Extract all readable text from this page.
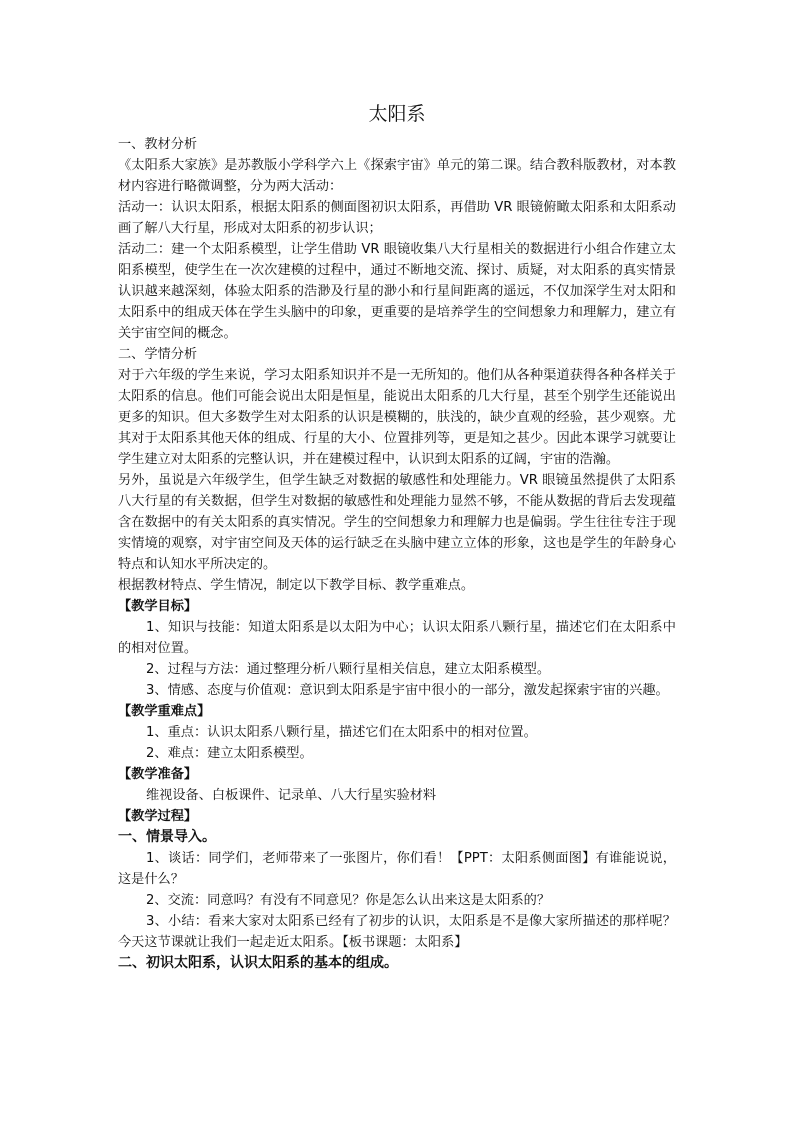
太阳系

一、教材分析

《太阳系大家族》是苏教版小学科学六上《探索宇宙》单元的第二课。结合教科版教材，对本教材内容进行略微调整，分为两大活动：

活动一：认识太阳系，根据太阳系的侧面图初识太阳系，再借助 VR 眼镜俯瞰太阳系和太阳系动画了解八大行星，形成对太阳系的初步认识；

活动二：建一个太阳系模型，让学生借助 VR 眼镜收集八大行星相关的数据进行小组合作建立太阳系模型，使学生在一次次建模的过程中，通过不断地交流、探讨、质疑，对太阳系的真实情景认识越来越深刻，体验太阳系的浩渺及行星的渺小和行星间距离的遥远，不仅加深学生对太阳和太阳系中的组成天体在学生头脑中的印象，更重要的是培养学生的空间想象力和理解力，建立有关宇宙空间的概念。

二、学情分析

对于六年级的学生来说，学习太阳系知识并不是一无所知的。他们从各种渠道获得各种各样关于太阳系的信息。他们可能会说出太阳是恒星，能说出太阳系的几大行星，甚至个别学生还能说出更多的知识。但大多数学生对太阳系的认识是模糊的，肤浅的，缺少直观的经验，甚少观察。尤其对于太阳系其他天体的组成、行星的大小、位置排列等，更是知之甚少。因此本课学习就要让学生建立对太阳系的完整认识，并在建模过程中，认识到太阳系的辽阔，宇宙的浩瀚。

另外，虽说是六年级学生，但学生缺乏对数据的敏感性和处理能力。VR 眼镜虽然提供了太阳系八大行星的有关数据，但学生对数据的敏感性和处理能力显然不够，不能从数据的背后去发现蕴含在数据中的有关太阳系的真实情况。学生的空间想象力和理解力也是偏弱。学生往往专注于现实情境的观察，对宇宙空间及天体的运行缺乏在头脑中建立立体的形象，这也是学生的年龄身心特点和认知水平所决定的。

根据教材特点、学生情况，制定以下教学目标、教学重难点。

【教学目标】

1、知识与技能：知道太阳系是以太阳为中心；认识太阳系八颗行星，描述它们在太阳系中的相对位置。

2、过程与方法：通过整理分析八颗行星相关信息，建立太阳系模型。

3、情感、态度与价值观：意识到太阳系是宇宙中很小的一部分，激发起探索宇宙的兴趣。

【教学重难点】

1、重点：认识太阳系八颗行星，描述它们在太阳系中的相对位置。

2、难点：建立太阳系模型。

【教学准备】

维视设备、白板课件、记录单、八大行星实验材料

【教学过程】

一、情景导入。

1、谈话：同学们，老师带来了一张图片，你们看！【PPT：太阳系侧面图】有谁能说说，这是什么？

2、交流：同意吗？有没有不同意见？你是怎么认出来这是太阳系的？

3、小结：看来大家对太阳系已经有了初步的认识，太阳系是不是像大家所描述的那样呢？今天这节课就让我们一起走近太阳系。【板书课题：太阳系】

二、初识太阳系，认识太阳系的基本的组成。
